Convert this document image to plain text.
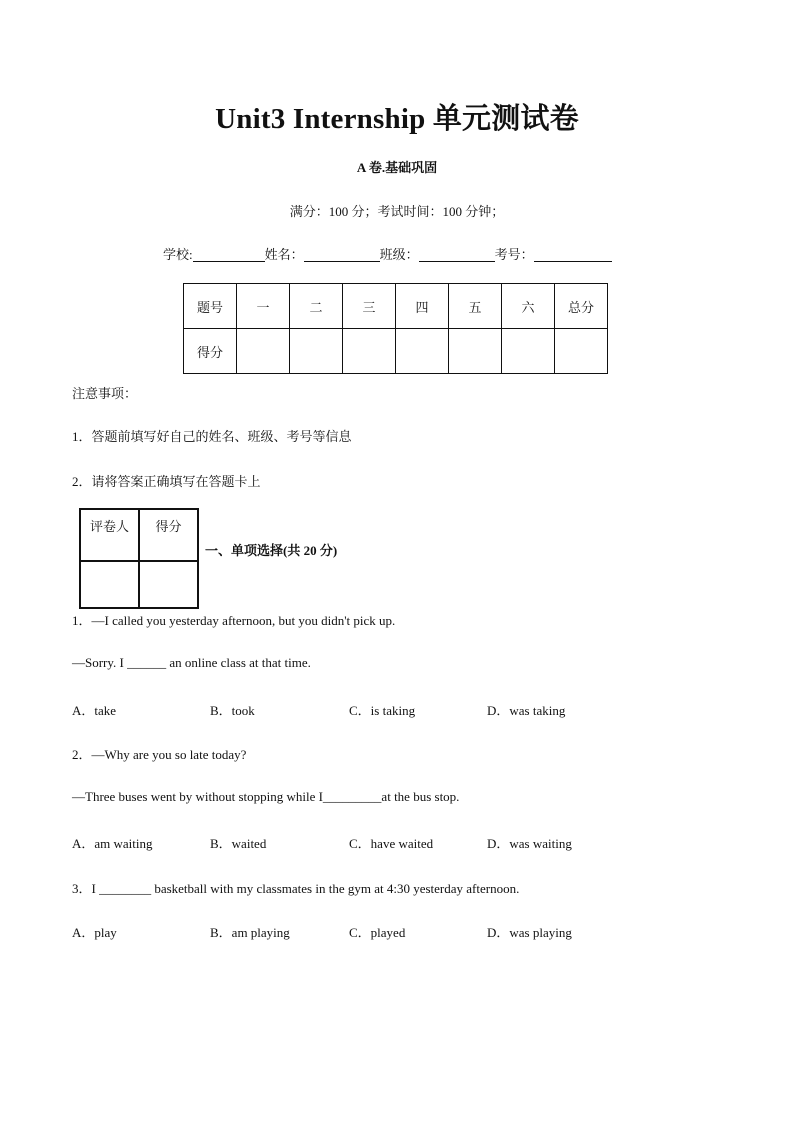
Unit3 Internship 单元测试卷
A 卷.基础巩固
满分：100 分；考试时间：100 分钟；
学校:	姓名：	班级：	考号：
题号	一	二	三	四	五	六	总分
得分							
注意事项：
1．答题前填写好自己的姓名、班级、考号等信息
2．请将答案正确填写在答题卡上
评卷人	得分

一、单项选择(共 20 分)
1．—I called you yesterday afternoon, but you didn't pick up.
—Sorry. I ______ an online class at that time.
A．take	B．took	C．is taking	D．was taking
2．—Why are you so late today?
—Three buses went by without stopping while I_________at the bus stop.
A．am waiting	B．waited	C．have waited	D．was waiting
3．I ________ basketball with my classmates in the gym at 4:30 yesterday afternoon.
A．play	B．am playing	C．played	D．was playing
